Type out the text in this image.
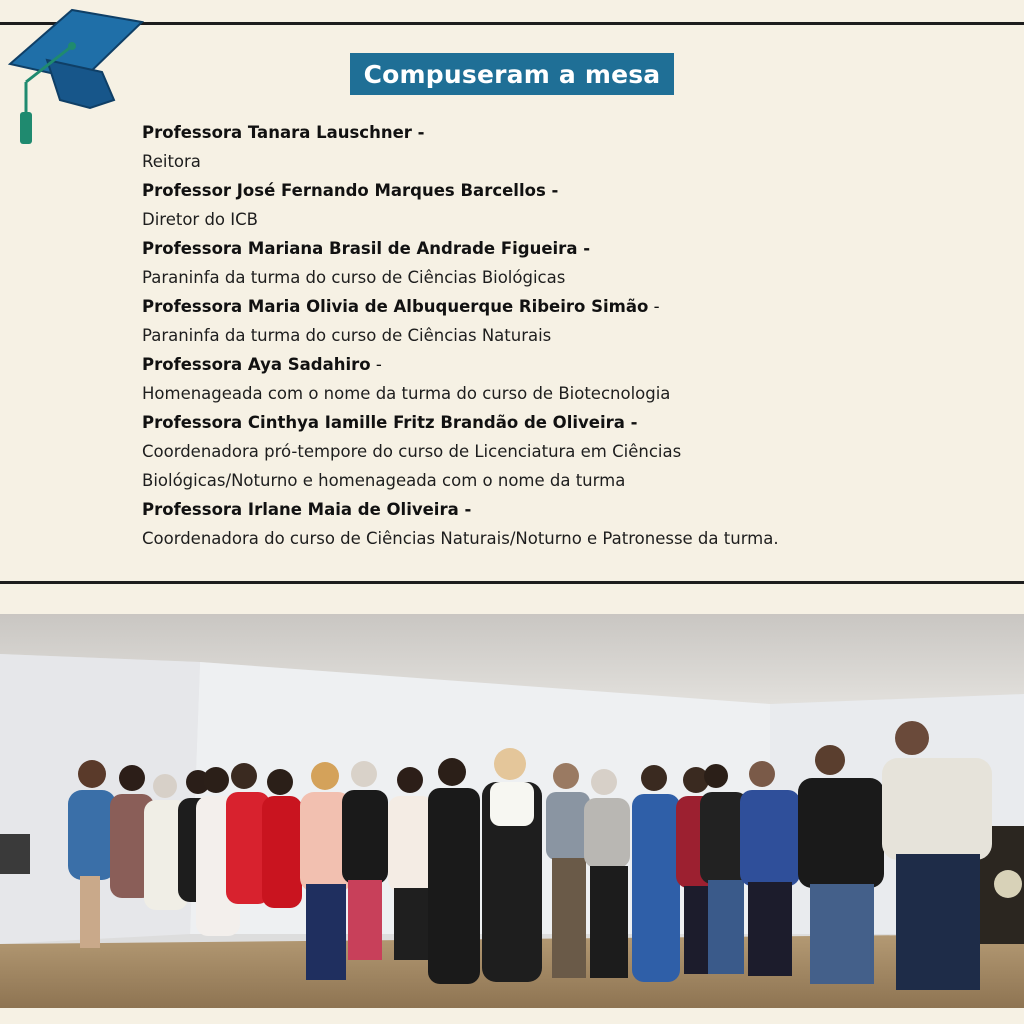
Compuseram a mesa
Professora Tanara Lauschner -
Reitora
Professor José Fernando Marques Barcellos -
Diretor do ICB
Professora Mariana Brasil de Andrade Figueira -
Paraninfa da turma do curso de Ciências Biológicas
Professora Maria Olivia de Albuquerque Ribeiro Simão -
Paraninfa da turma do curso de Ciências Naturais
Professora Aya Sadahiro -
Homenageada com o nome da turma do curso de Biotecnologia
Professora Cinthya Iamille Fritz Brandão de Oliveira -
Coordenadora pró-tempore do curso de Licenciatura em Ciências
Biológicas/Noturno e homenageada com o nome da turma
Professora Irlane Maia de Oliveira -
Coordenadora do curso de Ciências Naturais/Noturno e Patronesse da turma.
